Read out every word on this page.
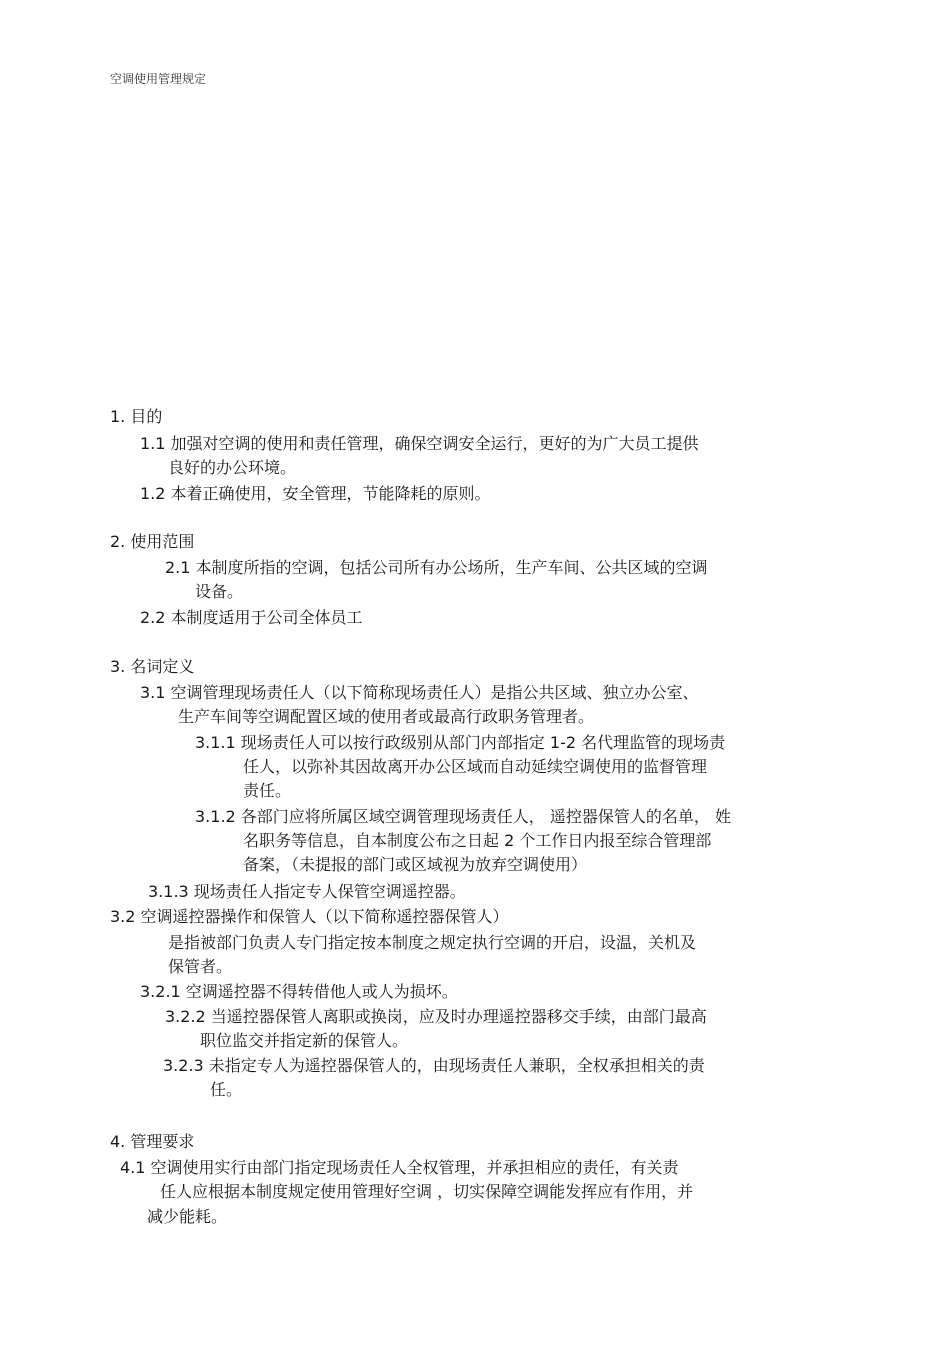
空调使用管理规定
1. 目的
1.1 加强对空调的使用和责任管理，确保空调安全运行，更好的为广大员工提供
良好的办公环境。
1.2 本着正确使用，安全管理，节能降耗的原则。
2. 使用范围
2.1 本制度所指的空调，包括公司所有办公场所，生产车间、公共区域的空调
设备。
2.2 本制度适用于公司全体员工
3. 名词定义
3.1 空调管理现场责任人（以下简称现场责任人）是指公共区域、独立办公室、
生产车间等空调配置区域的使用者或最高行政职务管理者。
3.1.1 现场责任人可以按行政级别从部门内部指定 1-2 名代理监管的现场责
任人，以弥补其因故离开办公区域而自动延续空调使用的监督管理
责任。
3.1.2 各部门应将所属区域空调管理现场责任人， 遥控器保管人的名单， 姓
名职务等信息，自本制度公布之日起 2 个工作日内报至综合管理部
备案，（未提报的部门或区域视为放弃空调使用）
3.1.3 现场责任人指定专人保管空调遥控器。
3.2 空调遥控器操作和保管人（以下简称遥控器保管人）
是指被部门负责人专门指定按本制度之规定执行空调的开启，设温，关机及
保管者。
3.2.1 空调遥控器不得转借他人或人为损坏。
3.2.2 当遥控器保管人离职或换岗，应及时办理遥控器移交手续，由部门最高
职位监交并指定新的保管人。
3.2.3 未指定专人为遥控器保管人的，由现场责任人兼职，全权承担相关的责
任。
4. 管理要求
4.1 空调使用实行由部门指定现场责任人全权管理，并承担相应的责任，有关责
任人应根据本制度规定使用管理好空调 ，切实保障空调能发挥应有作用，并
减少能耗。
